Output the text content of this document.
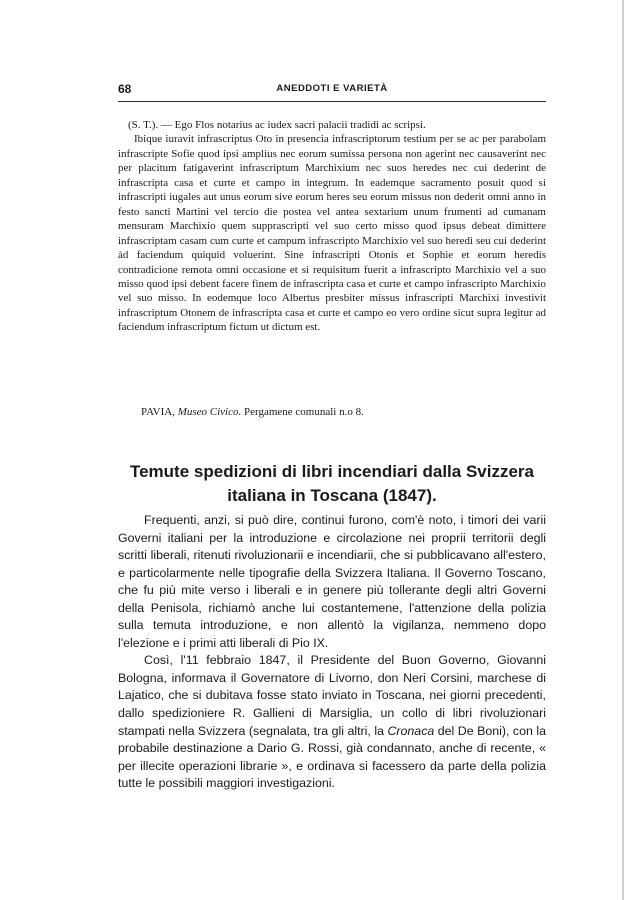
68	ANEDDOTI E VARIETÀ

(S. T.). — Ego Flos notarius ac iudex sacri palacii tradidi ac scripsi.

Ibique iuravit infrascriptus Oto in presencia infrascriptorum testium per se ac per parabolam infrascripte Sofie quod ipsi amplius nec eorum sumissa persona non agerint nec causaverint nec per placitum fatigaverint infrascriptum Marchixium nec suos heredes nec cui dederint de infrascripta casa et curte et campo in integrum. In eademque sacramento posuit quod si infrascripti iugales aut unus eorum sive eorum heres seu eorum missus non dederit omni anno in festo sancti Martini vel tercio die postea vel antea sextarium unum frumenti ad cumanam mensuram Marchixio quem supprascripti vel suo certo misso quod ipsus debeat dimittere infrascriptam casam cum curte et campum infrascripto Marchixio vel suo heredi seu cui dederint àd faciendum quiquid voluerint. Sine infrascripti Otonis et Sophie et eorum heredis contradicione remota omni occasione et si requisitum fuerit a infrascripto Marchixio vel a suo misso quod ipsi debent facere finem de infrascripta casa et curte et campo infrascripto Marchixio vel suo misso. In eodemque loco Albertus presbiter missus infrascripti Marchixi investivit infrascriptum Otonem de infrascripta casa et curte et campo eo vero ordine sicut supra legitur ad faciendum infrascriptum fictum ut dictum est.

PAVIA, Museo Civico. Pergamene comunali n.o 8.
Temute spedizioni di libri incendiari dalla Svizzera
italiana in Toscana (1847).

Frequenti, anzi, si può dire, continui furono, com'è noto, i timori dei varii Governi italiani per la introduzione e circolazione nei proprii territorii degli scritti liberali, ritenuti rivoluzionarii e incendiarii, che si pubblicavano all'estero, e particolarmente nelle tipografie della Svizzera Italiana. Il Governo Toscano, che fu più mite verso i liberali e in genere più tollerante degli altri Governi della Penisola, richiamò anche lui costantemene, l'attenzione della polizia sulla temuta introduzione, e non allentò la vigilanza, nemmeno dopo l'elezione e i primi atti liberali di Pio IX.

Così, l'11 febbraio 1847, il Presidente del Buon Governo, Giovanni Bologna, informava il Governatore di Livorno, don Neri Corsini, marchese di Lajatico, che si dubitava fosse stato inviato in Toscana, nei giorni precedenti, dallo spedizioniere R. Gallieni di Marsiglia, un collo di libri rivoluzionari stampati nella Svizzera (segnalata, tra gli altri, la Cronaca del De Boni), con la probabile destinazione a Dario G. Rossi, già condannato, anche di recente, « per illecite operazioni librarie », e ordinava si facessero da parte della polizia tutte le possibili maggiori investigazioni.
